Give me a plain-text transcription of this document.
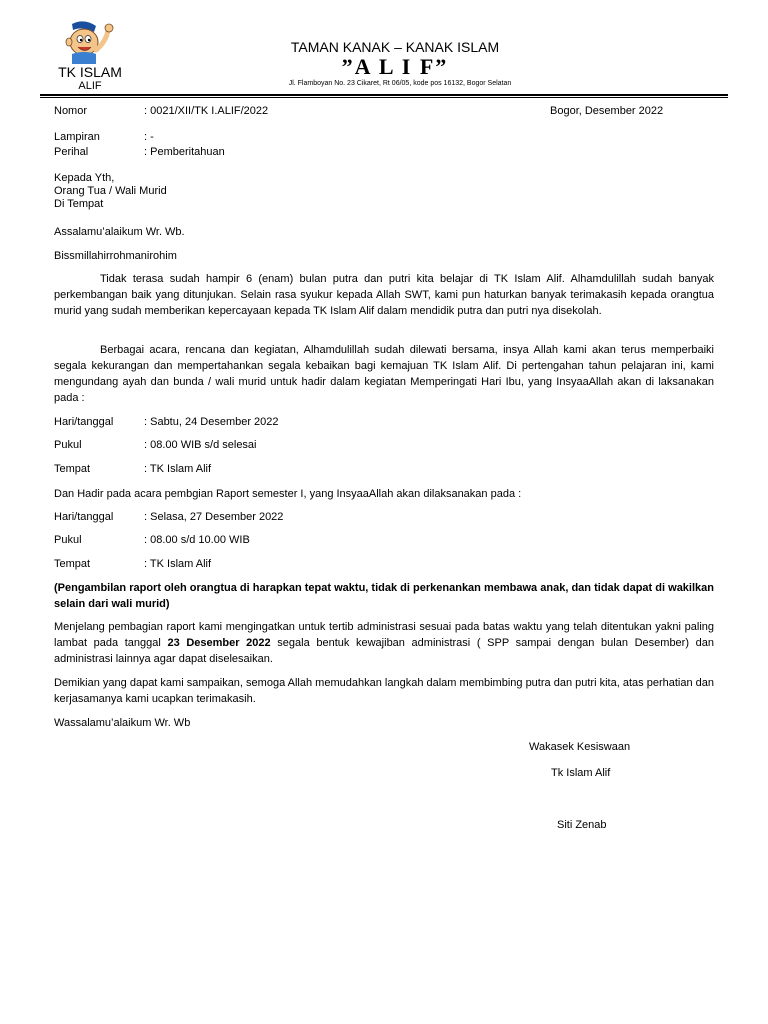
TK ISLAM
ALIF
TAMAN KANAK – KANAK ISLAM
”A L I F”
Jl. Flamboyan No. 23 Cikaret, Rt 06/05, kode pos 16132, Bogor Selatan
Nomor	: 0021/XII/TK I.ALIF/2022	Bogor, Desember 2022
Lampiran	: -
Perihal	: Pemberitahuan
Kepada Yth,
Orang Tua / Wali Murid
Di Tempat
Assalamu’alaikum Wr. Wb.
Bissmillahirrohmanirohim
Tidak terasa sudah hampir 6 (enam) bulan putra dan putri kita belajar di TK Islam Alif. Alhamdulillah sudah banyak perkembangan baik yang ditunjukan. Selain rasa syukur kepada Allah SWT, kami pun haturkan banyak terimakasih kepada orangtua murid yang sudah memberikan kepercayaan kepada TK Islam Alif dalam mendidik putra dan putri nya disekolah.
Berbagai acara, rencana dan kegiatan, Alhamdulillah sudah dilewati bersama, insya Allah kami akan terus memperbaiki segala kekurangan dan mempertahankan segala kebaikan bagi kemajuan TK Islam Alif. Di pertengahan tahun pelajaran ini, kami mengundang ayah dan bunda / wali murid untuk hadir dalam kegiatan Memperingati Hari Ibu, yang InsyaaAllah akan di laksanakan pada :
Hari/tanggal	: Sabtu, 24 Desember 2022
Pukul	: 08.00 WIB s/d selesai
Tempat	: TK Islam Alif
Dan Hadir pada acara pembgian Raport semester I, yang InsyaaAllah akan dilaksanakan pada :
Hari/tanggal	: Selasa, 27 Desember 2022
Pukul	: 08.00 s/d 10.00 WIB
Tempat	: TK Islam Alif
(Pengambilan raport oleh orangtua di harapkan tepat waktu, tidak di perkenankan membawa anak, dan tidak dapat di wakilkan selain dari wali murid)
Menjelang pembagian raport kami mengingatkan untuk tertib administrasi sesuai pada batas waktu yang telah ditentukan yakni paling lambat pada tanggal 23 Desember 2022 segala bentuk kewajiban administrasi ( SPP sampai dengan bulan Desember) dan administrasi lainnya agar dapat diselesaikan.
Demikian yang dapat kami sampaikan, semoga Allah memudahkan langkah dalam membimbing putra dan putri kita, atas perhatian dan kerjasamanya kami ucapkan terimakasih.
Wassalamu’alaikum Wr. Wb
Wakasek Kesiswaan
Tk Islam Alif
Siti Zenab
